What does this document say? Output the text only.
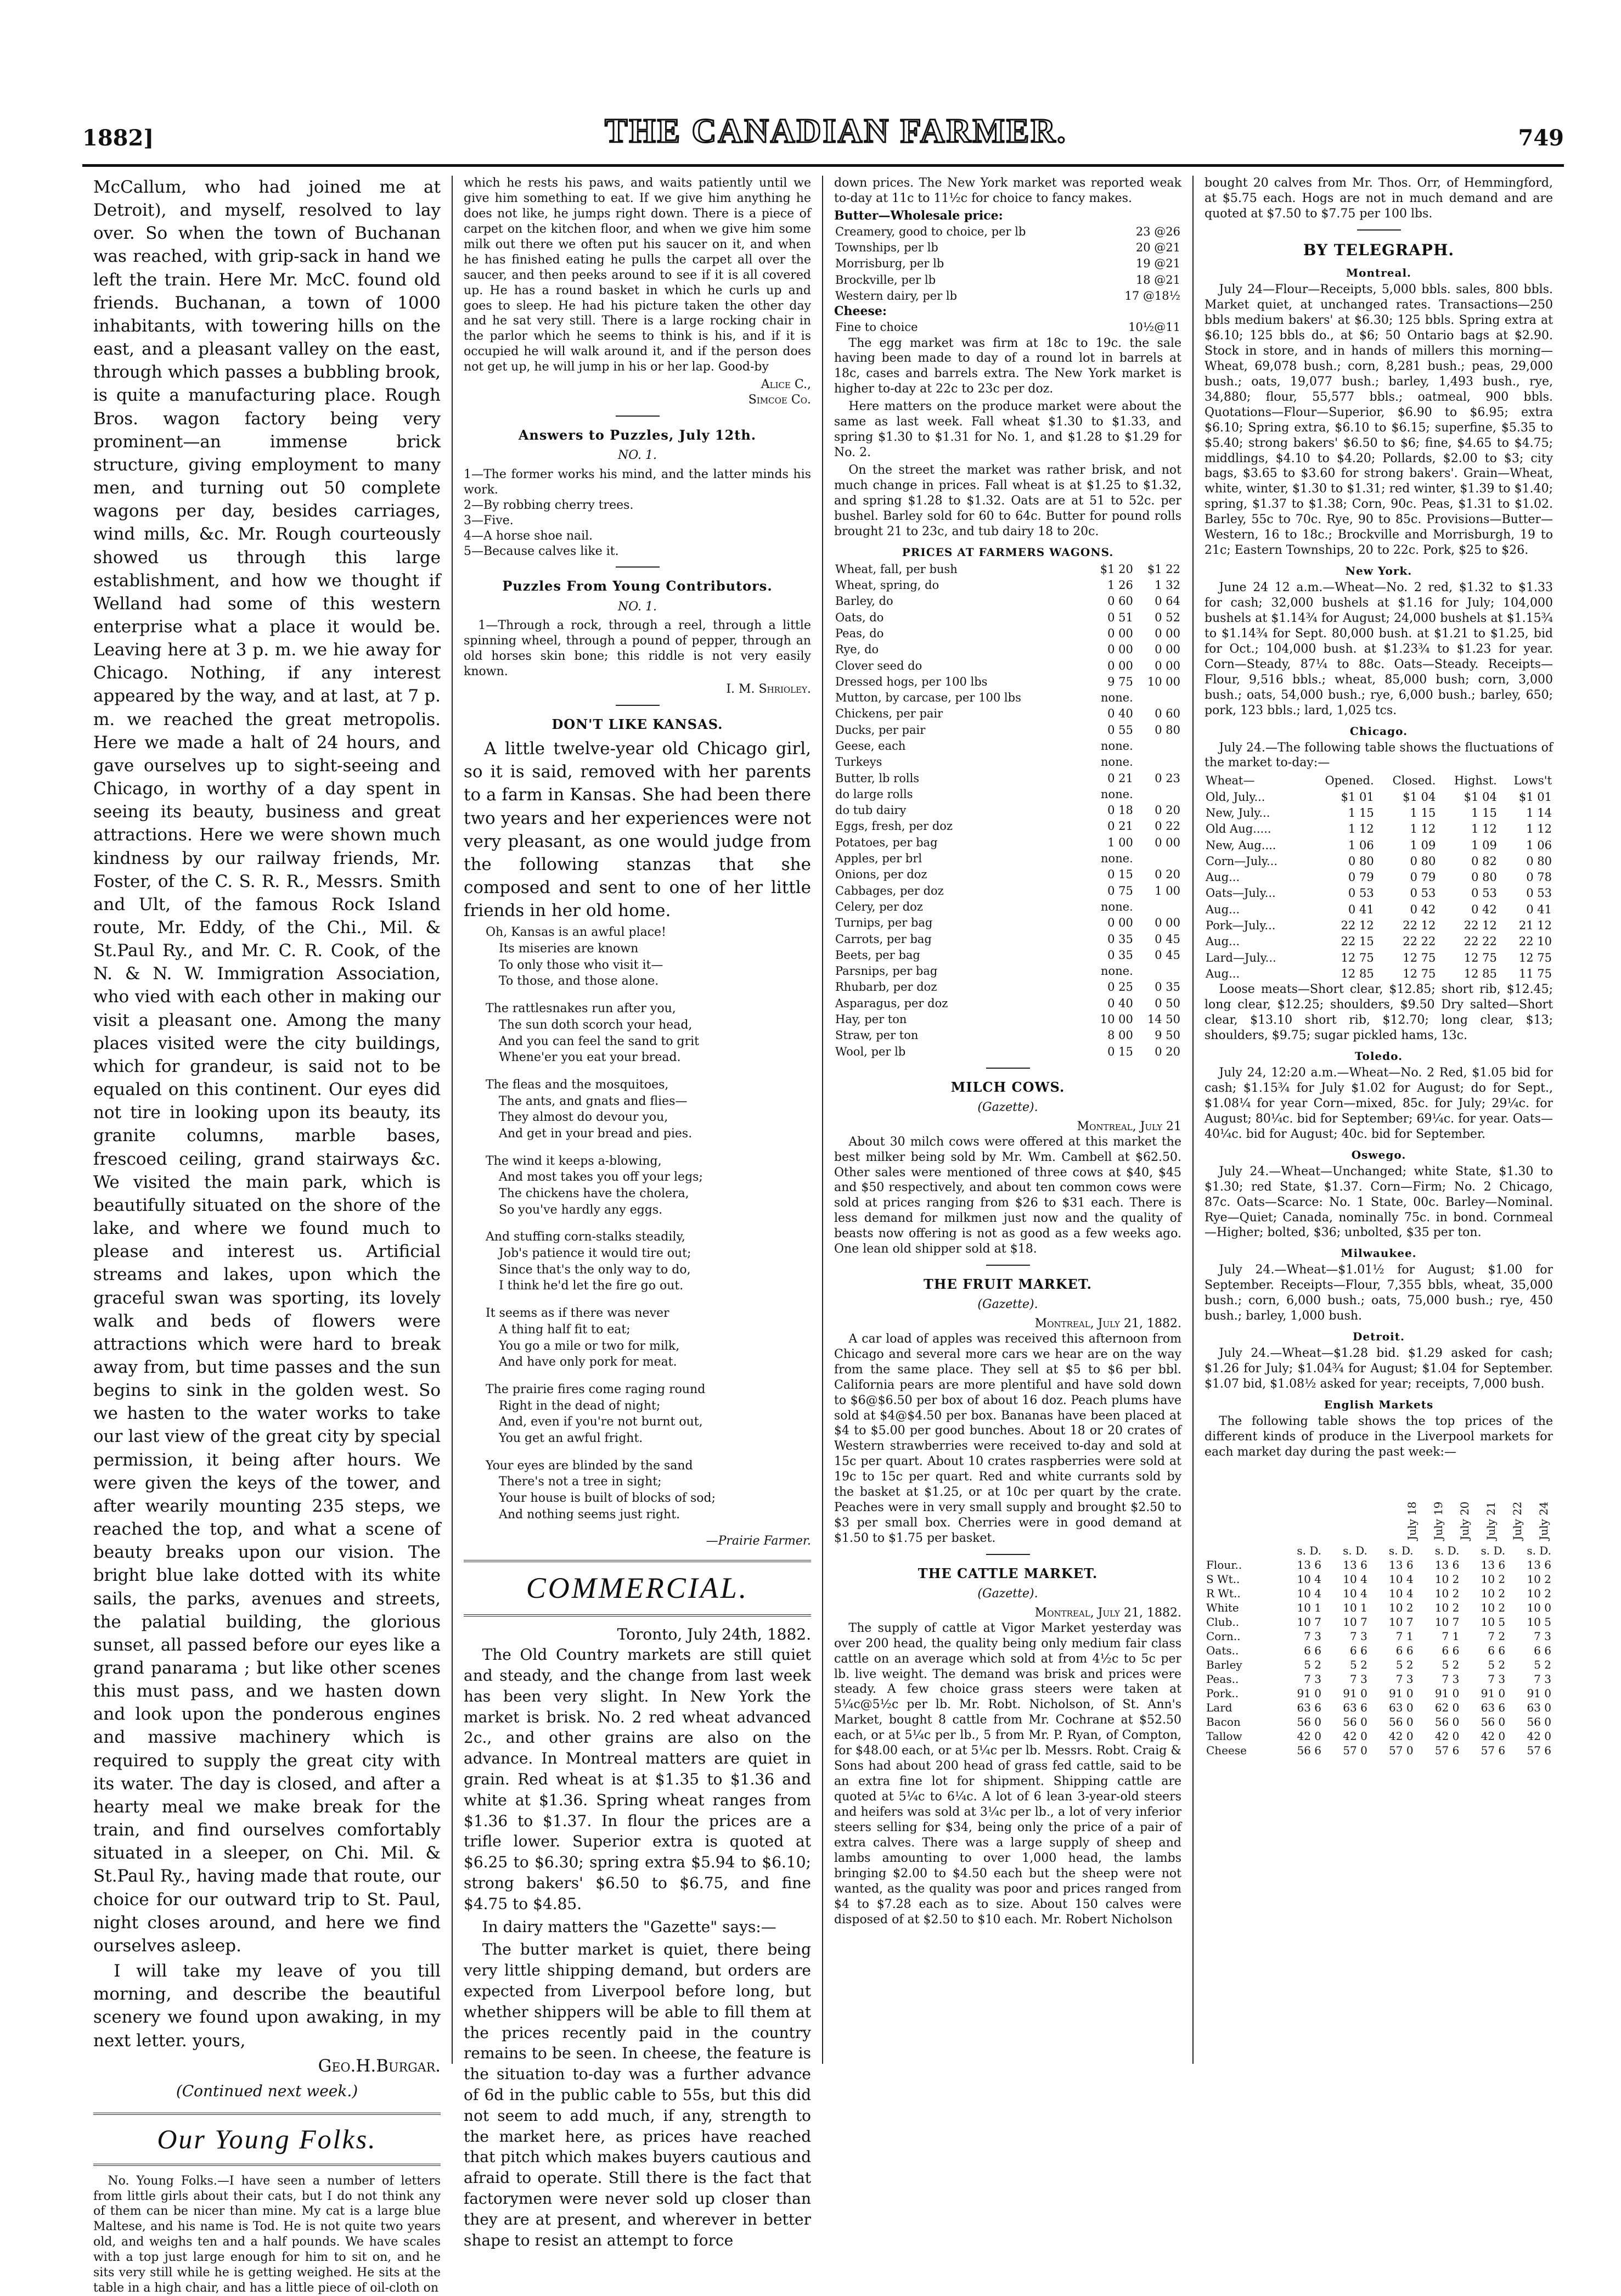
1882]	THE CANADIAN FARMER.	749

McCallum, who had joined me at Detroit), and myself, resolved to lay over. So when the town of Buchanan was reached, with grip-sack in hand we left the train. Here Mr. McC. found old friends. Buchanan, a town of 1000 inhabitants, with towering hills on the east, and a pleasant valley on the east, through which passes a bubbling brook, is quite a manufacturing place. Rough Bros. wagon factory being very prominent—an immense brick structure, giving employment to many men, and turning out 50 complete wagons per day, besides carriages, wind mills, &c. Mr. Rough courteously showed us through this large establishment, and how we thought if Welland had some of this western enterprise what a place it would be. Leaving here at 3 p. m. we hie away for Chicago. Nothing, if any interest appeared by the way, and at last, at 7 p. m. we reached the great metropolis. Here we made a halt of 24 hours, and gave ourselves up to sight-seeing and Chicago, in worthy of a day spent in seeing its beauty, business and great attractions. Here we were shown much kindness by our railway friends, Mr. Foster, of the C. S. R. R., Messrs. Smith and Ult, of the famous Rock Island route, Mr. Eddy, of the Chi., Mil. & St.Paul Ry., and Mr. C. R. Cook, of the N. & N. W. Immigration Association, who vied with each other in making our visit a pleasant one. Among the many places visited were the city buildings, which for grandeur, is said not to be equaled on this continent. Our eyes did not tire in looking upon its beauty, its granite columns, marble bases, frescoed ceiling, grand stairways &c. We visited the main park, which is beautifully situated on the shore of the lake, and where we found much to please and interest us. Artificial streams and lakes, upon which the graceful swan was sporting, its lovely walk and beds of flowers were attractions which were hard to break away from, but time passes and the sun begins to sink in the golden west. So we hasten to the water works to take our last view of the great city by special permission, it being after hours. We were given the keys of the tower, and after wearily mounting 235 steps, we reached the top, and what a scene of beauty breaks upon our vision. The bright blue lake dotted with its white sails, the parks, avenues and streets, the palatial building, the glorious sunset, all passed before our eyes like a grand panarama ; but like other scenes this must pass, and we hasten down and look upon the ponderous engines and massive machinery which is required to supply the great city with its water. The day is closed, and after a hearty meal we make break for the train, and find ourselves comfortably situated in a sleeper, on Chi. Mil. & St.Paul Ry., having made that route, our choice for our outward trip to St. Paul, night closes around, and here we find ourselves asleep.

I will take my leave of you till morning, and describe the beautiful scenery we found upon awaking, in my next letter. yours,

Geo.H.Burgar.
(Continued next week.)
Our Young Folks.

No. Young Folks.—I have seen a number of letters from little girls about their cats, but I do not think any of them can be nicer than mine. My cat is a large blue Maltese, and his name is Tod. He is not quite two years old, and weighs ten and a half pounds. We have scales with a top just large enough for him to sit on, and he sits very still while he is getting weighed. He sits at the table in a high chair, and has a little piece of oil-cloth on

which he rests his paws, and waits patiently until we give him something to eat. If we give him anything he does not like, he jumps right down. There is a piece of carpet on the kitchen floor, and when we give him some milk out there we often put his saucer on it, and when he has finished eating he pulls the carpet all over the saucer, and then peeks around to see if it is all covered up. He has a round basket in which he curls up and goes to sleep. He had his picture taken the other day and he sat very still. There is a large rocking chair in the parlor which he seems to think is his, and if it is occupied he will walk around it, and if the person does not get up, he will jump in his or her lap. Good-by

Alice C.,
Simcoe Co.
Answers to Puzzles, July 12th.
NO. 1.
1—The former works his mind, and the latter minds his work.
2—By robbing cherry trees.
3—Five.
4—A horse shoe nail.
5—Because calves like it.
Puzzles From Young Contributors.
NO. 1.

1—Through a rock, through a reel, through a little spinning wheel, through a pound of pepper, through an old horses skin bone; this riddle is not very easily known.

I. M. Shrioley.
DON'T LIKE KANSAS.

A little twelve-year old Chicago girl, so it is said, removed with her parents to a farm in Kansas. She had been there two years and her experiences were not very pleasant, as one would judge from the following stanzas that she composed and sent to one of her little friends in her old home.

Oh, Kansas is an awful place!
Its miseries are known
To only those who visit it—
To those, and those alone.
The rattlesnakes run after you,
The sun doth scorch your head,
And you can feel the sand to grit
Whene'er you eat your bread.
The fleas and the mosquitoes,
The ants, and gnats and flies—
They almost do devour you,
And get in your bread and pies.
The wind it keeps a-blowing,
And most takes you off your legs;
The chickens have the cholera,
So you've hardly any eggs.
And stuffing corn-stalks steadily,
Job's patience it would tire out;
Since that's the only way to do,
I think he'd let the fire go out.
It seems as if there was never
A thing half fit to eat;
You go a mile or two for milk,
And have only pork for meat.
The prairie fires come raging round
Right in the dead of night;
And, even if you're not burnt out,
You get an awful fright.
Your eyes are blinded by the sand
There's not a tree in sight;
Your house is built of blocks of sod;
And nothing seems just right.
—Prairie Farmer.
COMMERCIAL.
Toronto, July 24th, 1882.

The Old Country markets are still quiet and steady, and the change from last week has been very slight. In New York the market is brisk. No. 2 red wheat advanced 2c., and other grains are also on the advance. In Montreal matters are quiet in grain. Red wheat is at $1.35 to $1.36 and white at $1.36. Spring wheat ranges from $1.36 to $1.37. In flour the prices are a trifle lower. Superior extra is quoted at $6.25 to $6.30; spring extra $5.94 to $6.10; strong bakers' $6.50 to $6.75, and fine $4.75 to $4.85.

In dairy matters the "Gazette" says:—

The butter market is quiet, there being very little shipping demand, but orders are expected from Liverpool before long, but whether shippers will be able to fill them at the prices recently paid in the country remains to be seen. In cheese, the feature is the situation to-day was a further advance of 6d in the public cable to 55s, but this did not seem to add much, if any, strength to the market here, as prices have reached that pitch which makes buyers cautious and afraid to operate. Still there is the fact that factorymen were never sold up closer than they are at present, and wherever in better shape to resist an attempt to force

down prices. The New York market was reported weak to-day at 11c to 11½c for choice to fancy makes.

Butter—Wholesale price:
Creamery, good to choice, per lb	23 @26
Townships, per lb	20 @21
Morrisburg, per lb	19 @21
Brockville, per lb	18 @21
Western dairy, per lb	17 @18½
Cheese:
Fine to choice	10½@11

The egg market was firm at 18c to 19c. the sale having been made to day of a round lot in barrels at 18c, cases and barrels extra. The New York market is higher to-day at 22c to 23c per doz.

Here matters on the produce market were about the same as last week. Fall wheat $1.30 to $1.33, and spring $1.30 to $1.31 for No. 1, and $1.28 to $1.29 for No. 2.

On the street the market was rather brisk, and not much change in prices. Fall wheat is at $1.25 to $1.32, and spring $1.28 to $1.32. Oats are at 51 to 52c. per bushel. Barley sold for 60 to 64c. Butter for pound rolls brought 21 to 23c, and tub dairy 18 to 20c.

PRICES AT FARMERS WAGONS.
Wheat, fall, per bush	$1 20	$1 22
Wheat, spring, do	1 26	1 32
Barley, do	0 60	0 64
Oats, do	0 51	0 52
Peas, do	0 00	0 00
Rye, do	0 00	0 00
Clover seed do	0 00	0 00
Dressed hogs, per 100 lbs	9 75	10 00
Mutton, by carcase, per 100 lbs	none.	
Chickens, per pair	0 40	0 60
Ducks, per pair	0 55	0 80
Geese, each	none.	
Turkeys	none.	
Butter, lb rolls	0 21	0 23
do large rolls	none.	
do tub dairy	0 18	0 20
Eggs, fresh, per doz	0 21	0 22
Potatoes, per bag	1 00	0 00
Apples, per brl	none.	
Onions, per doz	0 15	0 20
Cabbages, per doz	0 75	1 00
Celery, per doz	none.	
Turnips, per bag	0 00	0 00
Carrots, per bag	0 35	0 45
Beets, per bag	0 35	0 45
Parsnips, per bag	none.	
Rhubarb, per doz	0 25	0 35
Asparagus, per doz	0 40	0 50
Hay, per ton	10 00	14 50
Straw, per ton	8 00	9 50
Wool, per lb	0 15	0 20
MILCH COWS.
(Gazette).
Montreal, July 21

About 30 milch cows were offered at this market the best milker being sold by Mr. Wm. Cambell at $62.50. Other sales were mentioned of three cows at $40, $45 and $50 respectively, and about ten common cows were sold at prices ranging from $26 to $31 each. There is less demand for milkmen just now and the quality of beasts now offering is not as good as a few weeks ago. One lean old shipper sold at $18.

THE FRUIT MARKET.
(Gazette).
Montreal, July 21, 1882.

A car load of apples was received this afternoon from Chicago and several more cars we hear are on the way from the same place. They sell at $5 to $6 per bbl. California pears are more plentiful and have sold down to $6@$6.50 per box of about 16 doz. Peach plums have sold at $4@$4.50 per box. Bananas have been placed at $4 to $5.00 per good bunches. About 18 or 20 crates of Western strawberries were received to-day and sold at 15c per quart. About 10 crates raspberries were sold at 19c to 15c per quart. Red and white currants sold by the basket at $1.25, or at 10c per quart by the crate. Peaches were in very small supply and brought $2.50 to $3 per small box. Cherries were in good demand at $1.50 to $1.75 per basket.

THE CATTLE MARKET.
(Gazette).
Montreal, July 21, 1882.

The supply of cattle at Vigor Market yesterday was over 200 head, the quality being only medium fair class cattle on an average which sold at from 4½c to 5c per lb. live weight. The demand was brisk and prices were steady. A few choice grass steers were taken at 5¼c@5½c per lb. Mr. Robt. Nicholson, of St. Ann's Market, bought 8 cattle from Mr. Cochrane at $52.50 each, or at 5¼c per lb., 5 from Mr. P. Ryan, of Compton, for $48.00 each, or at 5¼c per lb. Messrs. Robt. Craig & Sons had about 200 head of grass fed cattle, said to be an extra fine lot for shipment. Shipping cattle are quoted at 5¼c to 6¼c. A lot of 6 lean 3-year-old steers and heifers was sold at 3¼c per lb., a lot of very inferior steers selling for $34, being only the price of a pair of extra calves. There was a large supply of sheep and lambs amounting to over 1,000 head, the lambs bringing $2.00 to $4.50 each but the sheep were not wanted, as the quality was poor and prices ranged from $4 to $7.28 each as to size. About 150 calves were disposed of at $2.50 to $10 each. Mr. Robert Nicholson

bought 20 calves from Mr. Thos. Orr, of Hemmingford, at $5.75 each. Hogs are not in much demand and are quoted at $7.50 to $7.75 per 100 lbs.

BY TELEGRAPH.
Montreal.

July 24—Flour—Receipts, 5,000 bbls. sales, 800 bbls. Market quiet, at unchanged rates. Transactions—250 bbls medium bakers' at $6.30; 125 bbls. Spring extra at $6.10; 125 bbls do., at $6; 50 Ontario bags at $2.90. Stock in store, and in hands of millers this morning—Wheat, 69,078 bush.; corn, 8,281 bush.; peas, 29,000 bush.; oats, 19,077 bush.; barley, 1,493 bush., rye, 34,880; flour, 55,577 bbls.; oatmeal, 900 bbls. Quotations—Flour—Superior, $6.90 to $6.95; extra $6.10; Spring extra, $6.10 to $6.15; superfine, $5.35 to $5.40; strong bakers' $6.50 to $6; fine, $4.65 to $4.75; middlings, $4.10 to $4.20; Pollards, $2.00 to $3; city bags, $3.65 to $3.60 for strong bakers'. Grain—Wheat, white, winter, $1.30 to $1.31; red winter, $1.39 to $1.40; spring, $1.37 to $1.38; Corn, 90c. Peas, $1.31 to $1.02. Barley, 55c to 70c. Rye, 90 to 85c. Provisions—Butter—Western, 16 to 18c.; Brockville and Morrisburgh, 19 to 21c; Eastern Townships, 20 to 22c. Pork, $25 to $26.

New York.

June 24 12 a.m.—Wheat—No. 2 red, $1.32 to $1.33 for cash; 32,000 bushels at $1.16 for July; 104,000 bushels at $1.14¾ for August; 24,000 bushels at $1.15¾ to $1.14¾ for Sept. 80,000 bush. at $1.21 to $1.25, bid for Oct.; 104,000 bush. at $1.23¾ to $1.23 for year. Corn—Steady, 87¼ to 88c. Oats—Steady. Receipts—Flour, 9,516 bbls.; wheat, 85,000 bush; corn, 3,000 bush.; oats, 54,000 bush.; rye, 6,000 bush.; barley, 650; pork, 123 bbls.; lard, 1,025 tcs.

Chicago.

July 24.—The following table shows the fluctuations of the market to-day:—

Wheat—	Opened.	Closed.	Highst.	Lows't
Old, July...	$1 01	$1 04	$1 04	$1 01
New, July...	1 15	1 15	1 15	1 14
Old Aug.....	1 12	1 12	1 12	1 12
New, Aug....	1 06	1 09	1 09	1 06
Corn—July...	0 80	0 80	0 82	0 80
Aug...	0 79	0 79	0 80	0 78
Oats—July...	0 53	0 53	0 53	0 53
Aug...	0 41	0 42	0 42	0 41
Pork—July...	22 12	22 12	22 12	21 12
Aug...	22 15	22 22	22 22	22 10
Lard—July...	12 75	12 75	12 75	12 75
Aug...	12 85	12 75	12 85	11 75

Loose meats—Short clear, $12.85; short rib, $12.45; long clear, $12.25; shoulders, $9.50 Dry salted—Short clear, $13.10 short rib, $12.70; long clear, $13; shoulders, $9.75; sugar pickled hams, 13c.

Toledo.

July 24, 12:20 a.m.—Wheat—No. 2 Red, $1.05 bid for cash; $1.15¾ for July $1.02 for August; do for Sept., $1.08¼ for year Corn—mixed, 85c. for July; 29¼c. for August; 80¼c. bid for September; 69¼c. for year. Oats—40¼c. bid for August; 40c. bid for September.

Oswego.

July 24.—Wheat—Unchanged; white State, $1.30 to $1.30; red State, $1.37. Corn—Firm; No. 2 Chicago, 87c. Oats—Scarce: No. 1 State, 00c. Barley—Nominal. Rye—Quiet; Canada, nominally 75c. in bond. Cornmeal—Higher; bolted, $36; unbolted, $35 per ton.

Milwaukee.

July 24.—Wheat—$1.01½ for August; $1.00 for September. Receipts—Flour, 7,355 bbls, wheat, 35,000 bush.; corn, 6,000 bush.; oats, 75,000 bush.; rye, 450 bush.; barley, 1,000 bush.

Detroit.

July 24.—Wheat—$1.28 bid. $1.29 asked for cash; $1.26 for July; $1.04¾ for August; $1.04 for September. $1.07 bid, $1.08½ asked for year; receipts, 7,000 bush.

English Markets

The following table shows the top prices of the different kinds of produce in the Liverpool markets for each market day during the past week:—

July 18 July 19 July 20 July 21 July 22 July 24
	s. D.	s. D.	s. D.	s. D.	s. D.	s. D.
Flour..	13 6	13 6	13 6	13 6	13 6	13 6
S Wt..	10 4	10 4	10 4	10 2	10 2	10 2
R Wt..	10 4	10 4	10 4	10 2	10 2	10 2
White	10 1	10 1	10 2	10 2	10 2	10 0
Club..	10 7	10 7	10 7	10 7	10 5	10 5
Corn..	7 3	7 3	7 1	7 1	7 2	7 3
Oats..	6 6	6 6	6 6	6 6	6 6	6 6
Barley	5 2	5 2	5 2	5 2	5 2	5 2
Peas..	7 3	7 3	7 3	7 3	7 3	7 3
Pork..	91 0	91 0	91 0	91 0	91 0	91 0
Lard	63 6	63 6	63 0	62 0	63 6	63 0
Bacon	56 0	56 0	56 0	56 0	56 0	56 0
Tallow	42 0	42 0	42 0	42 0	42 0	42 0
Cheese	56 6	57 0	57 0	57 6	57 6	57 6
